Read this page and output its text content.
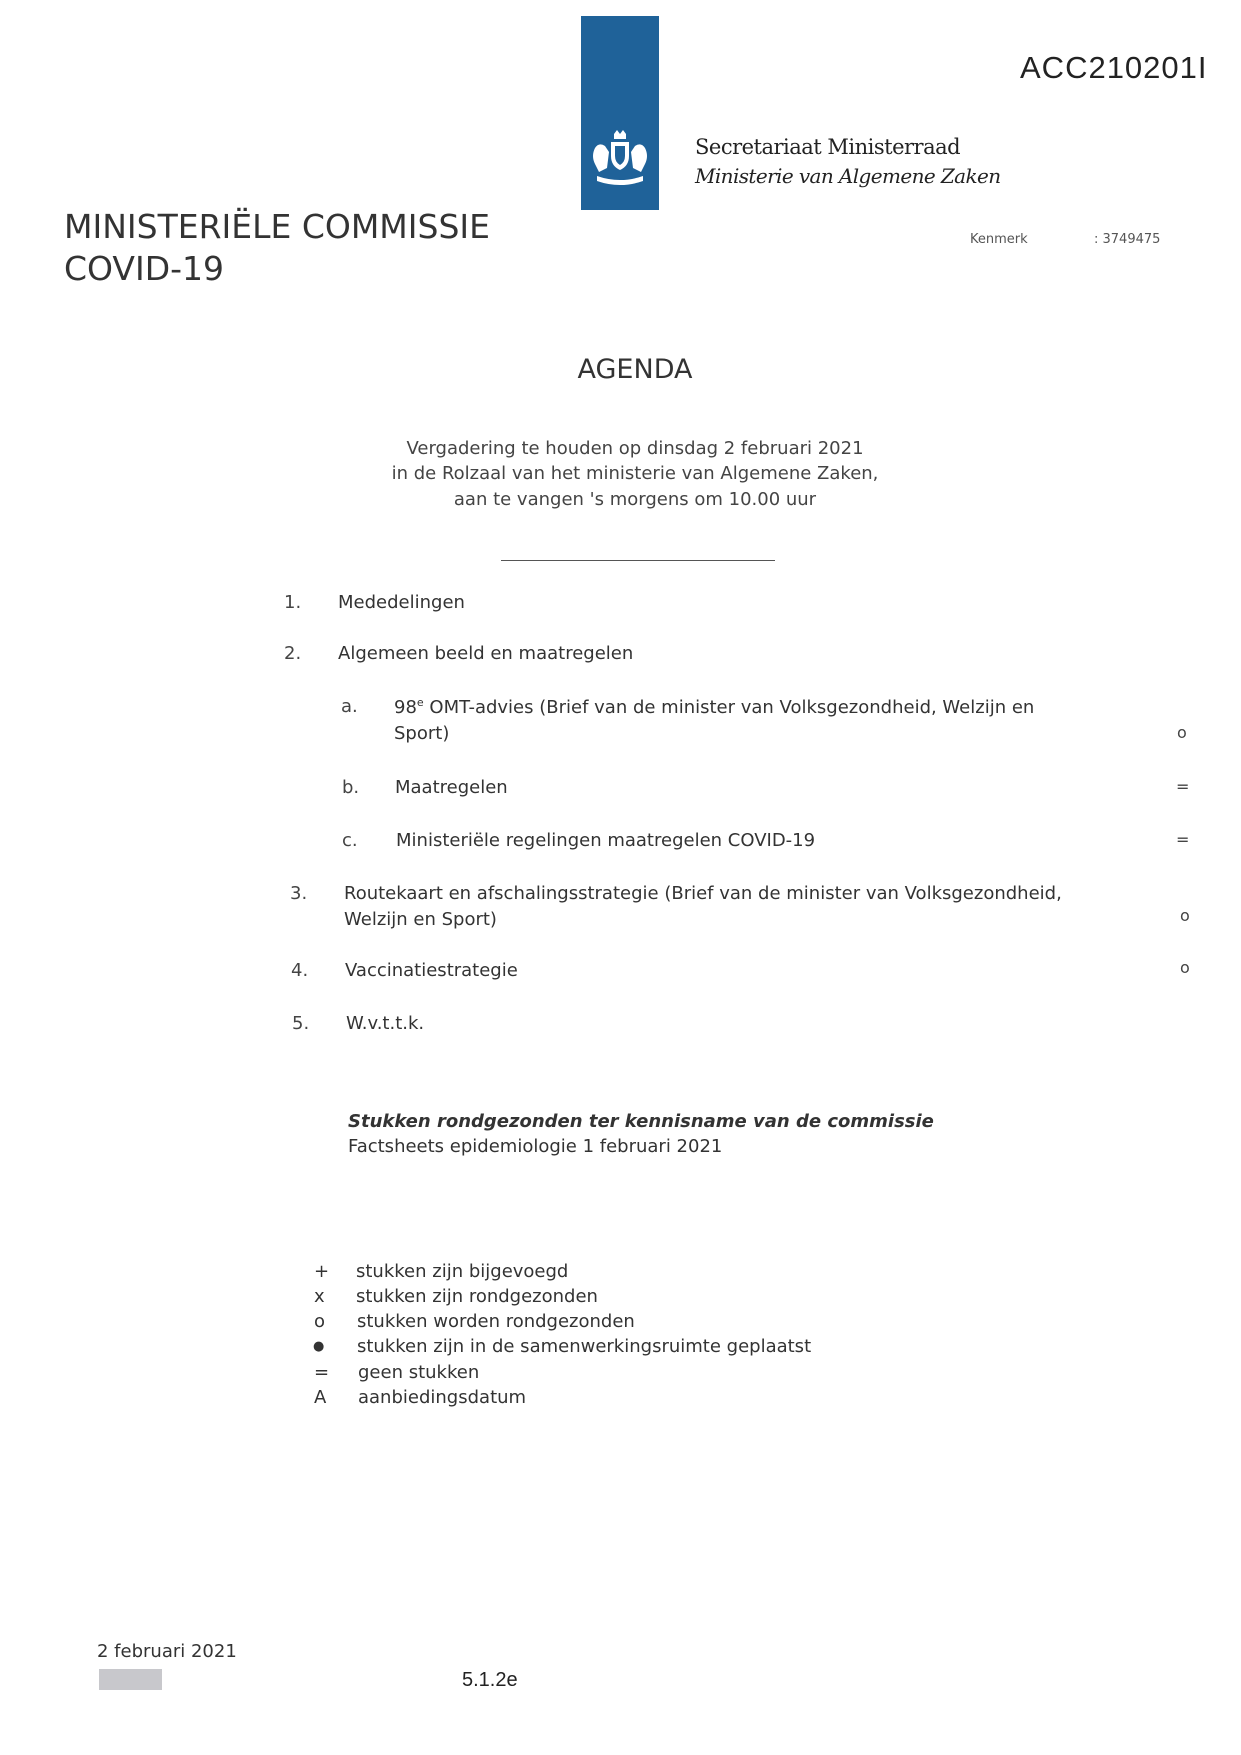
Secretariaat Ministerraad
Ministerie van Algemene Zaken
ACC210201I
MINISTERIËLE COMMISSIE
COVID-19
Kenmerk	: 3749475
AGENDA
Vergadering te houden op dinsdag 2 februari 2021
in de Rolzaal van het ministerie van Algemene Zaken,
aan te vangen 's morgens om 10.00 uur
1. Mededelingen
2. Algemeen beeld en maatregelen
a. 98e OMT-advies (Brief van de minister van Volksgezondheid, Welzijn en
Sport)	o
b. Maatregelen	=
c. Ministeriële regelingen maatregelen COVID-19	=
3. Routekaart en afschalingsstrategie (Brief van de minister van Volksgezondheid,
Welzijn en Sport)	o
4. Vaccinatiestrategie	o
5. W.v.t.t.k.
Stukken rondgezonden ter kennisname van de commissie
Factsheets epidemiologie 1 februari 2021
+ stukken zijn bijgevoegd
x stukken zijn rondgezonden
o stukken worden rondgezonden
● stukken zijn in de samenwerkingsruimte geplaatst
= geen stukken
A aanbiedingsdatum
2 februari 2021
5.1.2e
